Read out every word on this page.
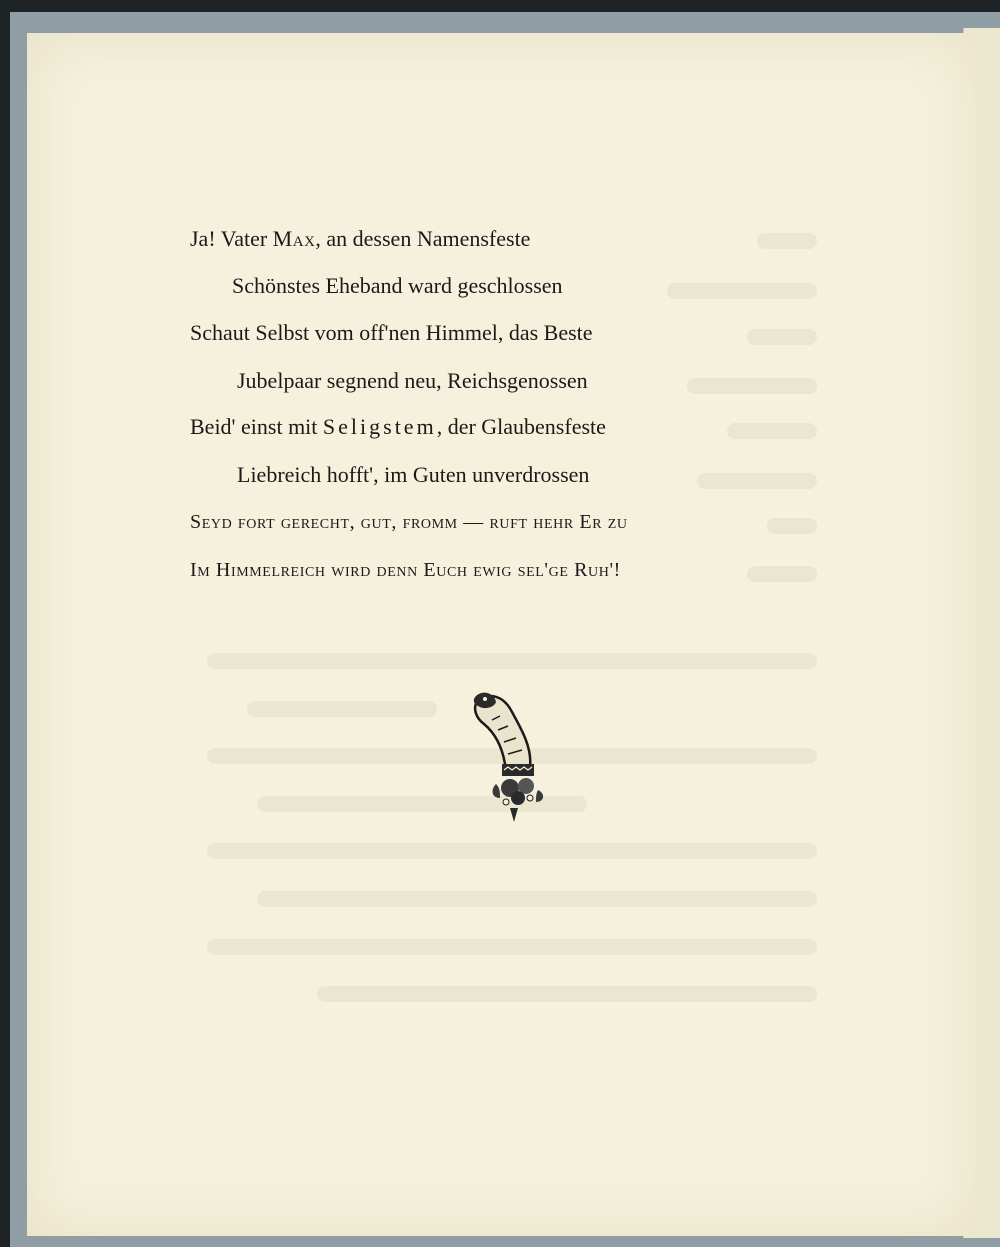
Ja! Vater Max, an dessen Namensfeste
Schönstes Eheband ward geschlossen
Schaut Selbst vom off'nen Himmel, das Beste
Jubelpaar segnend neu, Reichsgenossen
Beid' einst mit Seligstem, der Glaubensfeste
Liebreich hofft', im Guten unverdrossen
Seyd fort gerecht, gut, fromm — ruft hehr Er zu
Im Himmelreich wird denn Euch ewig sel'ge Ruh'!
